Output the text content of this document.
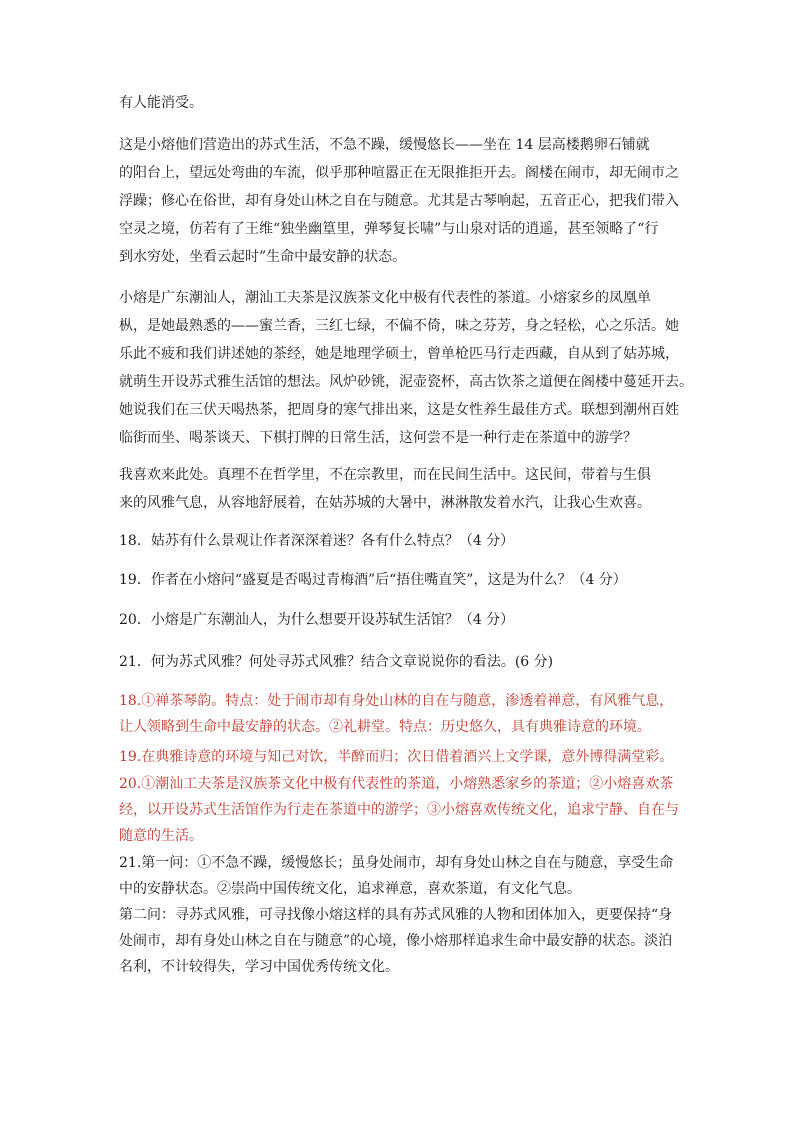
有人能消受。

这是小熔他们营造出的苏式生活，不急不躁，缓慢悠长——坐在 14 层高楼鹅卵石铺就
的阳台上，望远处弯曲的车流，似乎那种喧嚣正在无限推拒开去。阁楼在闹市，却无闹市之
浮躁；修心在俗世，却有身处山林之自在与随意。尤其是古琴响起，五音正心，把我们带入
空灵之境，仿若有了王维“独坐幽篁里，弹琴复长啸”与山泉对话的逍遥，甚至领略了“行
到水穷处，坐看云起时”生命中最安静的状态。

小熔是广东潮汕人，潮汕工夫茶是汉族茶文化中极有代表性的茶道。小熔家乡的凤凰单
枞，是她最熟悉的——蜜兰香，三红七绿，不偏不倚，味之芬芳，身之轻松，心之乐活。她
乐此不疲和我们讲述她的茶经，她是地理学硕士，曾单枪匹马行走西藏，自从到了姑苏城，
就萌生开设苏式雅生活馆的想法。风炉砂铫，泥壶瓷杯，高古饮茶之道便在阁楼中蔓延开去。
她说我们在三伏天喝热茶，把周身的寒气排出来，这是女性养生最佳方式。联想到潮州百姓
临街而坐、喝茶谈天、下棋打牌的日常生活，这何尝不是一种行走在茶道中的游学？

我喜欢来此处。真理不在哲学里，不在宗教里，而在民间生活中。这民间，带着与生俱
来的风雅气息，从容地舒展着，在姑苏城的大暑中，淋淋散发着水汽，让我心生欢喜。

18．姑苏有什么景观让作者深深着迷？各有什么特点？（4 分）

19．作者在小熔问“盛夏是否喝过青梅酒”后“捂住嘴直笑”，这是为什么？（4 分）

20．小熔是广东潮汕人，为什么想要开设苏轼生活馆？（4 分）

21．何为苏式风雅？何处寻苏式风雅？结合文章说说你的看法。(6 分)

18.①禅茶琴韵。特点：处于闹市却有身处山林的自在与随意，渗透着禅意，有风雅气息，
让人领略到生命中最安静的状态。②礼耕堂。特点：历史悠久，具有典雅诗意的环境。
19.在典雅诗意的环境与知己对饮，半醉而归；次日借着酒兴上文学课，意外博得满堂彩。
20.①潮汕工夫茶是汉族茶文化中极有代表性的茶道，小熔熟悉家乡的茶道；②小熔喜欢茶
经，以开设苏式生活馆作为行走在茶道中的游学；③小熔喜欢传统文化，追求宁静、自在与
随意的生活。
21.第一问：①不急不躁，缓慢悠长；虽身处闹市，却有身处山林之自在与随意，享受生命
中的安静状态。②崇尚中国传统文化，追求禅意，喜欢茶道，有文化气息。
第二问：寻苏式风雅，可寻找像小熔这样的具有苏式风雅的人物和团体加入，更要保持“身
处闹市，却有身处山林之自在与随意”的心境，像小熔那样追求生命中最安静的状态。淡泊
名利，不计较得失，学习中国优秀传统文化。
